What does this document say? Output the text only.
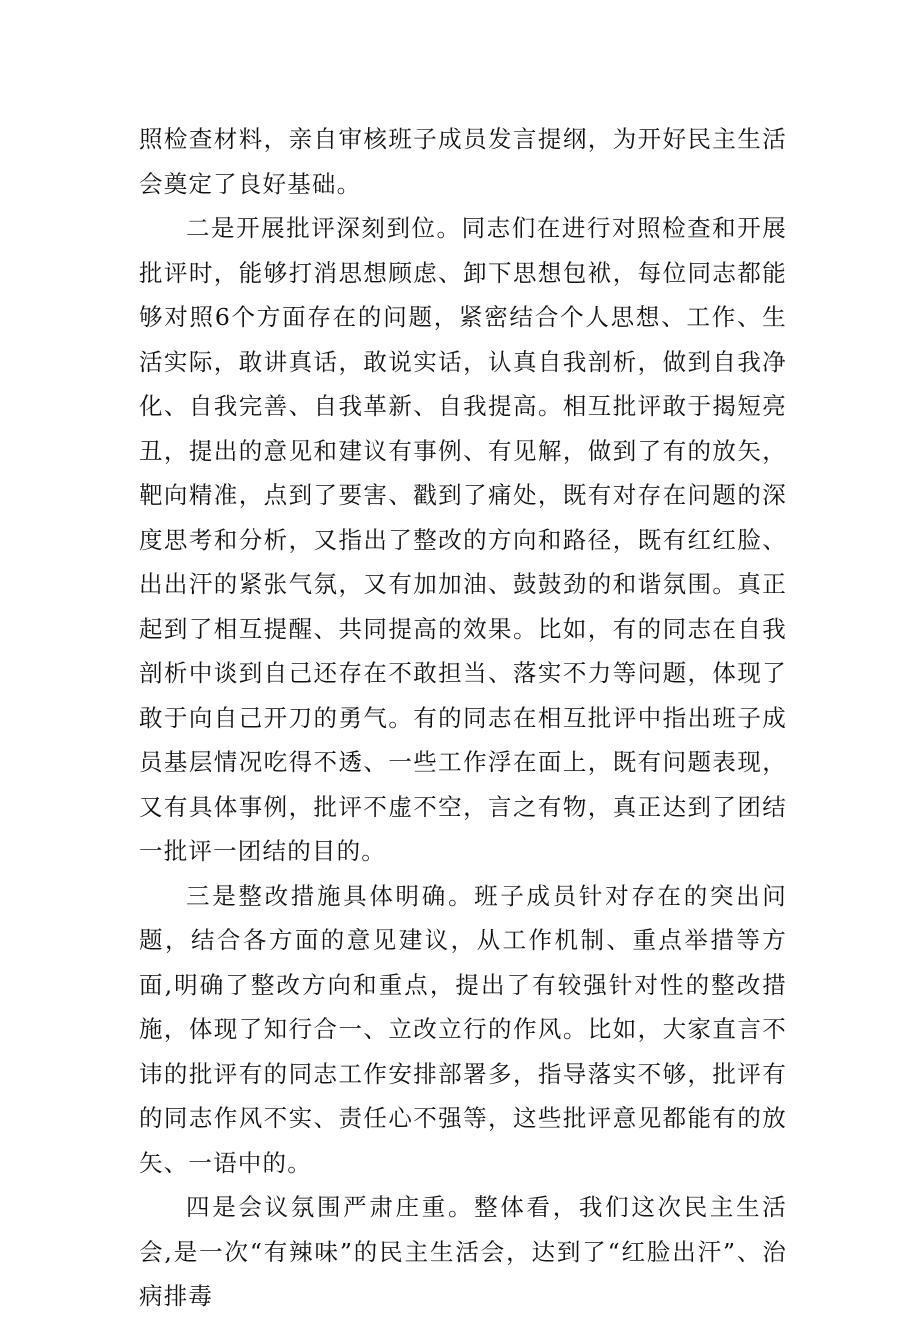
照检查材料，亲自审核班子成员发言提纲，为开好民主生活会奠定了良好基础。

二是开展批评深刻到位。同志们在进行对照检查和开展批评时，能够打消思想顾虑、卸下思想包袱，每位同志都能够对照6个方面存在的问题，紧密结合个人思想、工作、生活实际，敢讲真话，敢说实话，认真自我剖析，做到自我净化、自我完善、自我革新、自我提高。相互批评敢于揭短亮丑，提出的意见和建议有事例、有见解，做到了有的放矢，靶向精准，点到了要害、戳到了痛处，既有对存在问题的深度思考和分析，又指出了整改的方向和路径，既有红红脸、出出汗的紧张气氛，又有加加油、鼓鼓劲的和谐氛围。真正起到了相互提醒、共同提高的效果。比如，有的同志在自我剖析中谈到自己还存在不敢担当、落实不力等问题，体现了敢于向自己开刀的勇气。有的同志在相互批评中指出班子成员基层情况吃得不透、一些工作浮在面上，既有问题表现，又有具体事例，批评不虚不空，言之有物，真正达到了团结一批评一团结的目的。

三是整改措施具体明确。班子成员针对存在的突出问题，结合各方面的意见建议，从工作机制、重点举措等方面,明确了整改方向和重点，提出了有较强针对性的整改措施，体现了知行合一、立改立行的作风。比如，大家直言不讳的批评有的同志工作安排部署多，指导落实不够，批评有的同志作风不实、责任心不强等，这些批评意见都能有的放矢、一语中的。

四是会议氛围严肃庄重。整体看，我们这次民主生活会,是一次“有辣味”的民主生活会，达到了“红脸出汗”、治病排毒
